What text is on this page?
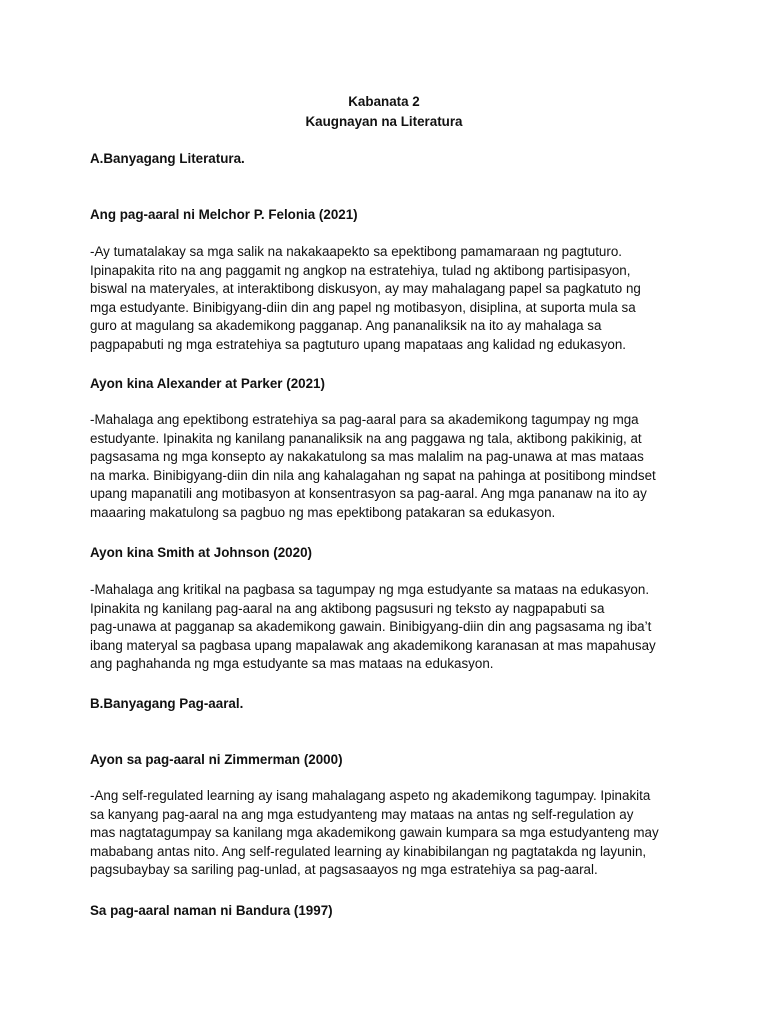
Kabanata 2

Kaugnayan na Literatura

A.Banyagang Literatura.

Ang pag-aaral ni Melchor P. Felonia (2021)

-Ay tumatalakay sa mga salik na nakakaapekto sa epektibong pamamaraan ng pagtuturo.
Ipinapakita rito na ang paggamit ng angkop na estratehiya, tulad ng aktibong partisipasyon,
biswal na materyales, at interaktibong diskusyon, ay may mahalagang papel sa pagkatuto ng
mga estudyante. Binibigyang-diin din ang papel ng motibasyon, disiplina, at suporta mula sa
guro at magulang sa akademikong pagganap. Ang pananaliksik na ito ay mahalaga sa
pagpapabuti ng mga estratehiya sa pagtuturo upang mapataas ang kalidad ng edukasyon.

Ayon kina Alexander at Parker (2021)

-Mahalaga ang epektibong estratehiya sa pag-aaral para sa akademikong tagumpay ng mga
estudyante. Ipinakita ng kanilang pananaliksik na ang paggawa ng tala, aktibong pakikinig, at
pagsasama ng mga konsepto ay nakakatulong sa mas malalim na pag-unawa at mas mataas
na marka. Binibigyang-diin din nila ang kahalagahan ng sapat na pahinga at positibong mindset
upang mapanatili ang motibasyon at konsentrasyon sa pag-aaral. Ang mga pananaw na ito ay
maaaring makatulong sa pagbuo ng mas epektibong patakaran sa edukasyon.

Ayon kina Smith at Johnson (2020)

-Mahalaga ang kritikal na pagbasa sa tagumpay ng mga estudyante sa mataas na edukasyon.
Ipinakita ng kanilang pag-aaral na ang aktibong pagsusuri ng teksto ay nagpapabuti sa
pag-unawa at pagganap sa akademikong gawain. Binibigyang-diin din ang pagsasama ng iba’t
ibang materyal sa pagbasa upang mapalawak ang akademikong karanasan at mas mapahusay
ang paghahanda ng mga estudyante sa mas mataas na edukasyon.

B.Banyagang Pag-aaral.

Ayon sa pag-aaral ni Zimmerman (2000)

-Ang self-regulated learning ay isang mahalagang aspeto ng akademikong tagumpay. Ipinakita
sa kanyang pag-aaral na ang mga estudyanteng may mataas na antas ng self-regulation ay
mas nagtatagumpay sa kanilang mga akademikong gawain kumpara sa mga estudyanteng may
mababang antas nito. Ang self-regulated learning ay kinabibilangan ng pagtatakda ng layunin,
pagsubaybay sa sariling pag-unlad, at pagsasaayos ng mga estratehiya sa pag-aaral.

Sa pag-aaral naman ni Bandura (1997)
